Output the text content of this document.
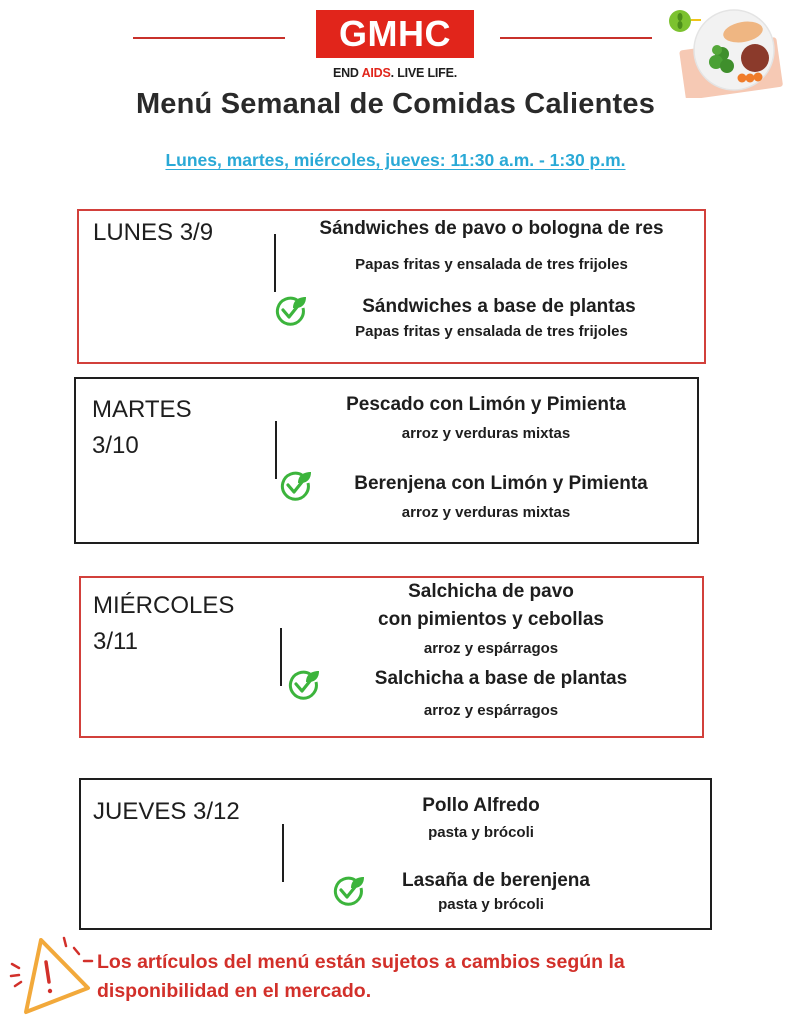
GMHC
END AIDS. LIVE LIFE.
Menú Semanal de Comidas Calientes
Lunes, martes, miércoles, jueves: 11:30 a.m. - 1:30 p.m.
LUNES 3/9	Sándwiches de pavo o bologna de res
Papas fritas y ensalada de tres frijoles
Sándwiches a base de plantas
Papas fritas y ensalada de tres frijoles
MARTES
3/10
Pescado con Limón y Pimienta
arroz y verduras mixtas
Berenjena con Limón y Pimienta
arroz y verduras mixtas
MIÉRCOLES
3/11
Salchicha de pavo
con pimientos y cebollas
arroz y espárragos
Salchicha a base de plantas
arroz y espárragos
JUEVES 3/12	Pollo Alfredo
pasta y brócoli
Lasaña de berenjena
pasta y brócoli
Los artículos del menú están sujetos a cambios según la
disponibilidad en el mercado.
